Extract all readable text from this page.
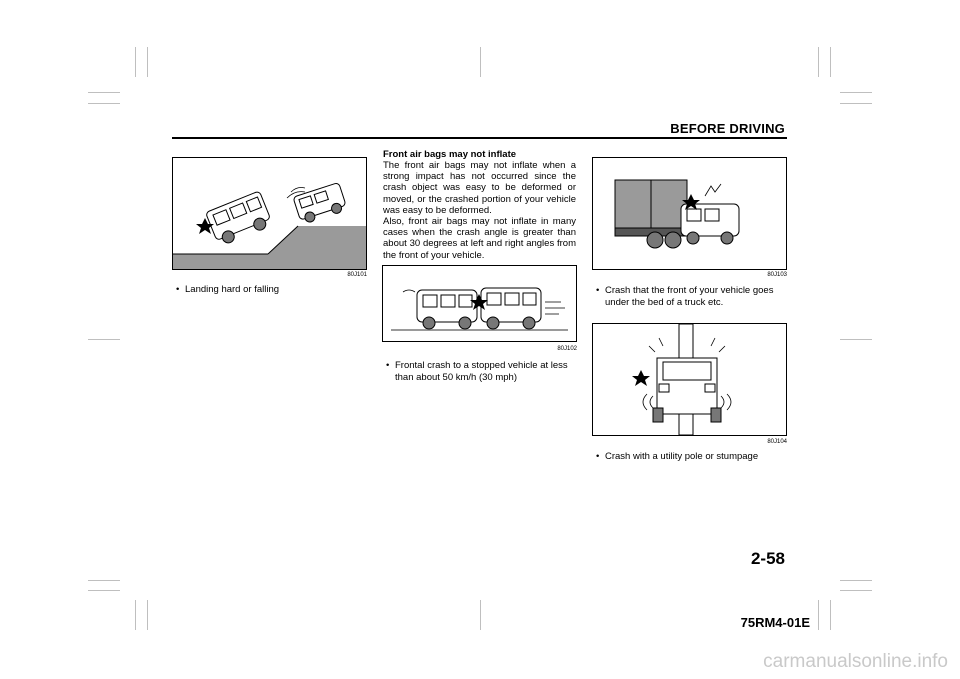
BEFORE DRIVING
80J101
• Landing hard or falling
Front air bags may not inflate
The front air bags may not inflate when a strong impact has not occurred since the crash object was easy to be deformed or moved, or the crashed portion of your vehicle was easy to be deformed.
Also, front air bags may not inflate in many cases when the crash angle is greater than about 30 degrees at left and right angles from the front of your vehicle.
80J102
• Frontal crash to a stopped vehicle at less than about 50 km/h (30 mph)
80J103
• Crash that the front of your vehicle goes under the bed of a truck etc.
80J104
• Crash with a utility pole or stumpage
2-58
75RM4-01E
carmanualsonline.info
